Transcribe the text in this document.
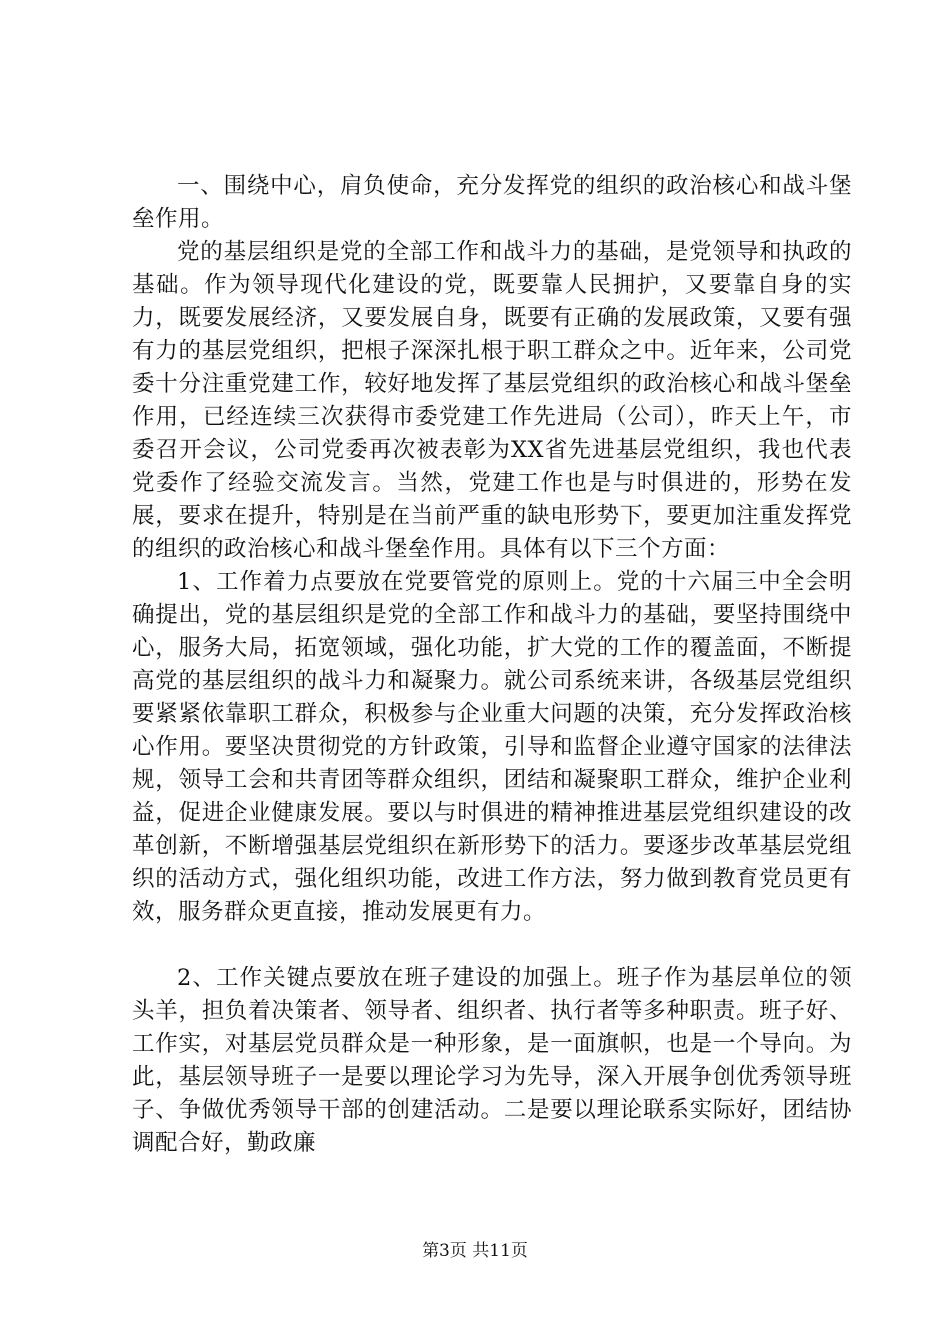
一、围绕中心，肩负使命，充分发挥党的组织的政治核心和战斗堡垒作用。

党的基层组织是党的全部工作和战斗力的基础，是党领导和执政的基础。作为领导现代化建设的党，既要靠人民拥护，又要靠自身的实力，既要发展经济，又要发展自身，既要有正确的发展政策，又要有强有力的基层党组织，把根子深深扎根于职工群众之中。近年来，公司党委十分注重党建工作，较好地发挥了基层党组织的政治核心和战斗堡垒作用，已经连续三次获得市委党建工作先进局（公司），昨天上午，市委召开会议，公司党委再次被表彰为XX省先进基层党组织，我也代表党委作了经验交流发言。当然，党建工作也是与时俱进的，形势在发展，要求在提升，特别是在当前严重的缺电形势下，要更加注重发挥党的组织的政治核心和战斗堡垒作用。具体有以下三个方面：

1、工作着力点要放在党要管党的原则上。党的十六届三中全会明确提出，党的基层组织是党的全部工作和战斗力的基础，要坚持围绕中心，服务大局，拓宽领域，强化功能，扩大党的工作的覆盖面，不断提高党的基层组织的战斗力和凝聚力。就公司系统来讲，各级基层党组织要紧紧依靠职工群众，积极参与企业重大问题的决策，充分发挥政治核心作用。要坚决贯彻党的方针政策，引导和监督企业遵守国家的法律法规，领导工会和共青团等群众组织，团结和凝聚职工群众，维护企业利益，促进企业健康发展。要以与时俱进的精神推进基层党组织建设的改革创新，不断增强基层党组织在新形势下的活力。要逐步改革基层党组织的活动方式，强化组织功能，改进工作方法，努力做到教育党员更有效，服务群众更直接，推动发展更有力。

2、工作关键点要放在班子建设的加强上。班子作为基层单位的领头羊，担负着决策者、领导者、组织者、执行者等多种职责。班子好、工作实，对基层党员群众是一种形象，是一面旗帜，也是一个导向。为此，基层领导班子一是要以理论学习为先导，深入开展争创优秀领导班子、争做优秀领导干部的创建活动。二是要以理论联系实际好，团结协调配合好，勤政廉

第3页 共11页
